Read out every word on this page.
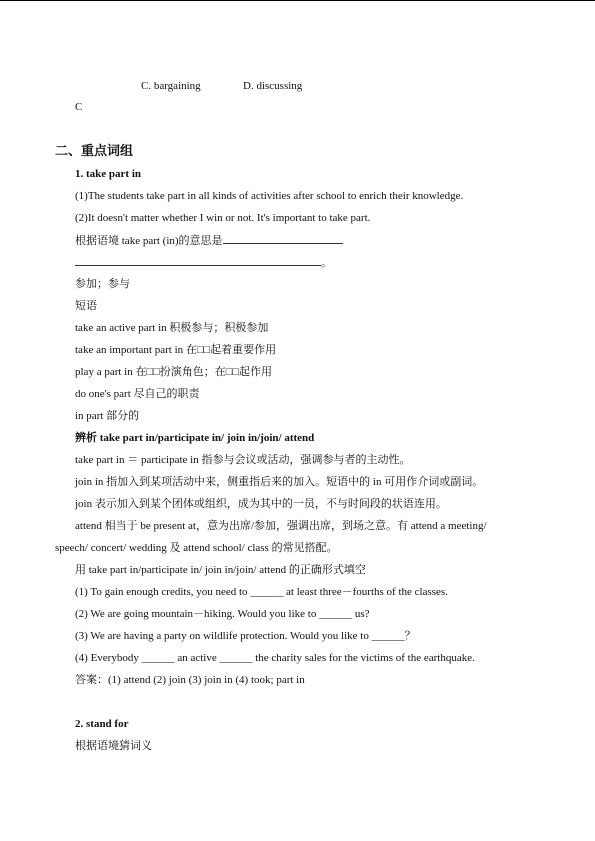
C. bargaining	D. discussing
C
二、重点词组
1. take part in
(1)The students take part in all kinds of activities after school to enrich their knowledge.
(2)It doesn't matter whether I win or not. It's important to take part.
根据语境 take part (in)的意思是
。
参加；参与
短语
take an active part in 积极参与；积极参加
take an important part in 在□□起着重要作用
play a part in 在□□扮演角色；在□□起作用
do one's part 尽自己的职责
in part 部分的
辨析 take part in/participate in/ join in/join/ attend
take part in ＝ participate in 指参与会议或活动，强调参与者的主动性。
join in 指加入到某项活动中来，侧重指后来的加入。短语中的 in 可用作介词或副词。
join 表示加入到某个团体或组织，成为其中的一员，不与时间段的状语连用。
attend 相当于 be present at，意为出席/参加，强调出席，到场之意。有 attend a meeting/
speech/ concert/ wedding 及 attend school/ class 的常见搭配。
用 take part in/participate in/ join in/join/ attend 的正确形式填空
(1) To gain enough credits, you need to ______ at least three－fourths of the classes.
(2) We are going mountain－hiking. Would you like to ______ us?
(3) We are having a party on wildlife protection. Would you like to ______？
(4) Everybody ______ an active ______ the charity sales for the victims of the earthquake.
答案：(1) attend (2) join (3) join in (4) took; part in
2. stand for
根据语境猜词义
